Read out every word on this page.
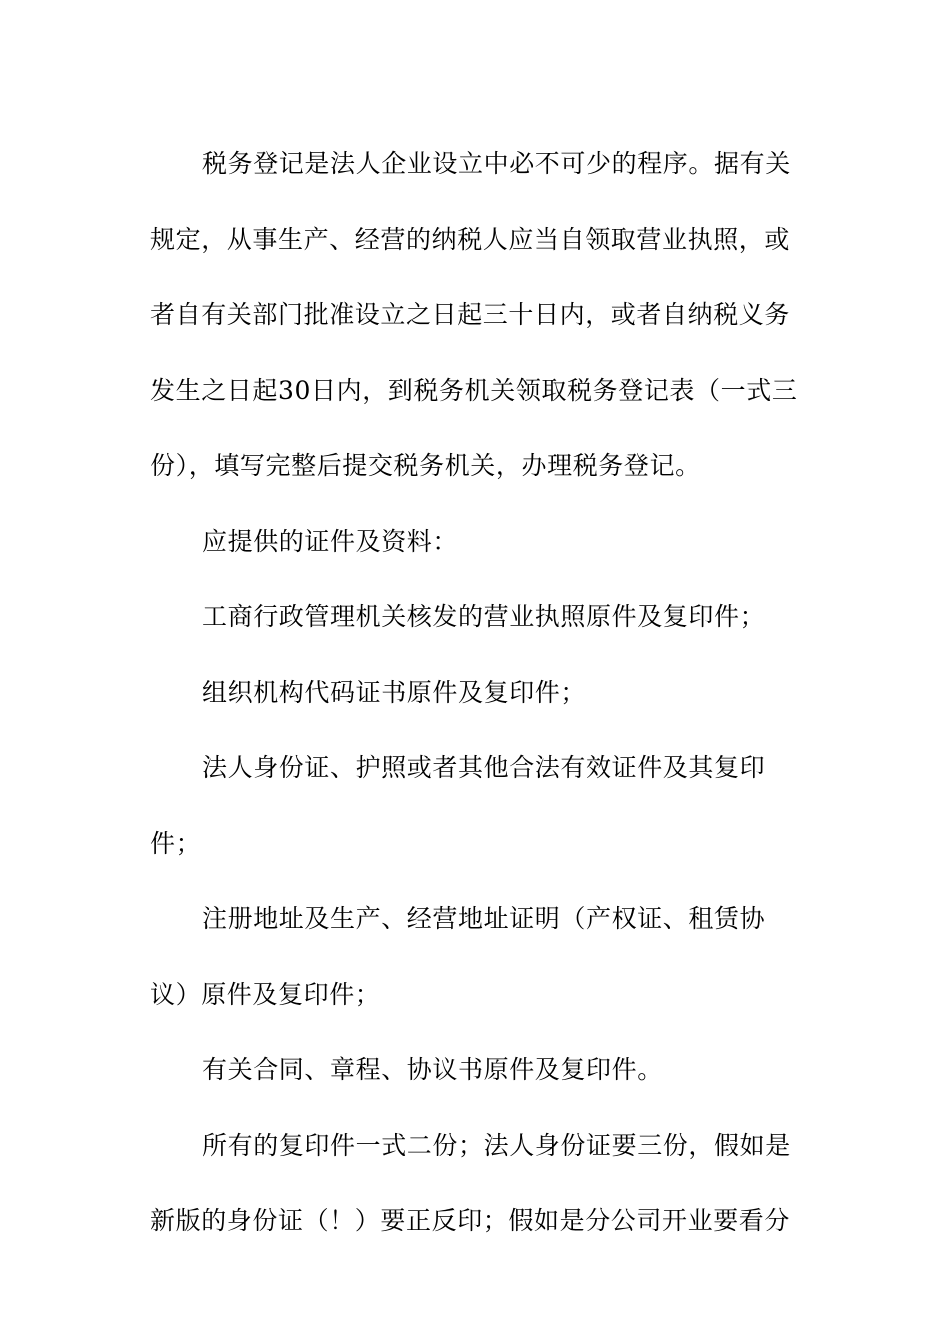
税务登记是法人企业设立中必不可少的程序。据有关
规定，从事生产、经营的纳税人应当自领取营业执照，或
者自有关部门批准设立之日起三十日内，或者自纳税义务
发生之日起30日内，到税务机关领取税务登记表（一式三
份），填写完整后提交税务机关，办理税务登记。
应提供的证件及资料：
工商行政管理机关核发的营业执照原件及复印件；
组织机构代码证书原件及复印件；
法人身份证、护照或者其他合法有效证件及其复印
件；
注册地址及生产、经营地址证明（产权证、租赁协
议）原件及复印件；
有关合同、章程、协议书原件及复印件。
所有的复印件一式二份；法人身份证要三份，假如是
新版的身份证（！）要正反印；假如是分公司开业要看分
